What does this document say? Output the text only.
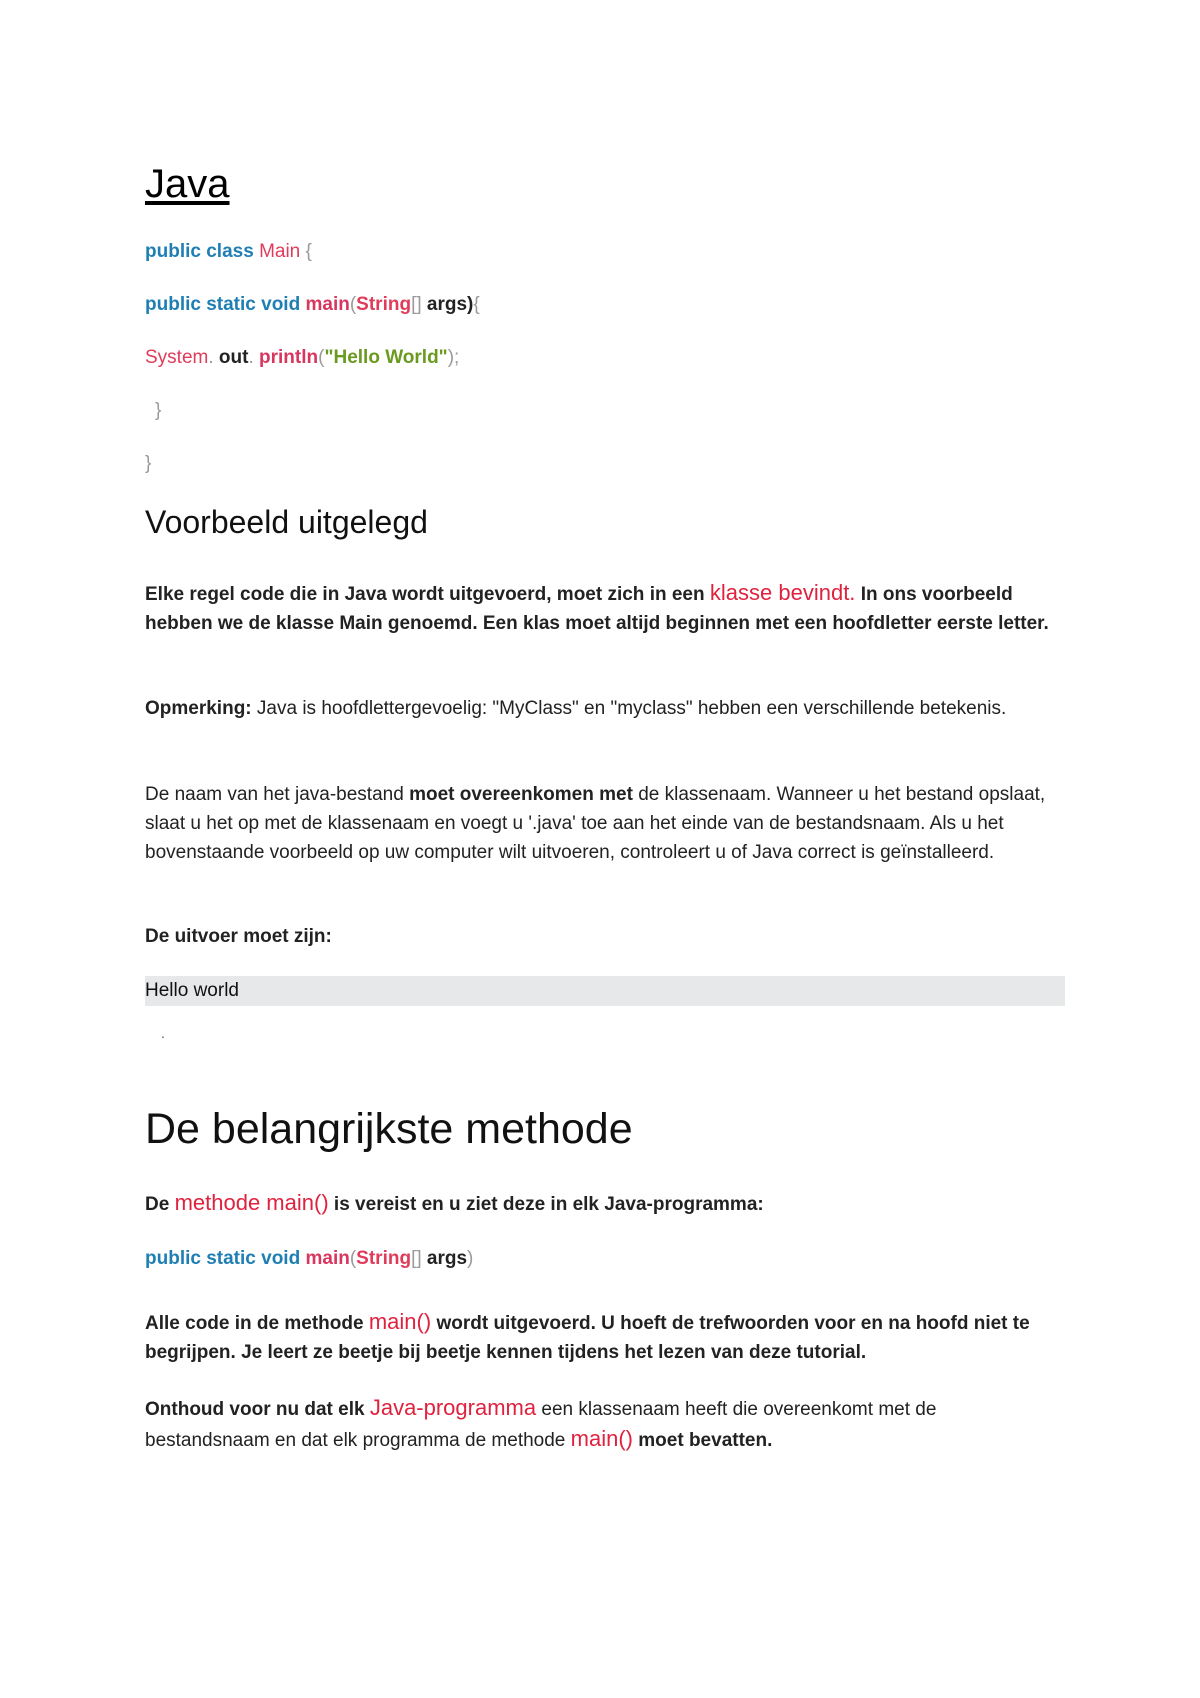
Java
public class Main {
public static void main(String[] args){
System. out. println("Hello World");
}
}
Voorbeeld uitgelegd
Elke regel code die in Java wordt uitgevoerd, moet zich in een klasse bevindt. In ons voorbeeld hebben we de klasse Main genoemd. Een klas moet altijd beginnen met een hoofdletter eerste letter.
Opmerking: Java is hoofdlettergevoelig: "MyClass" en "myclass" hebben een verschillende betekenis.
De naam van het java-bestand moet overeenkomen met de klassenaam. Wanneer u het bestand opslaat, slaat u het op met de klassenaam en voegt u '.java' toe aan het einde van de bestandsnaam. Als u het bovenstaande voorbeeld op uw computer wilt uitvoeren, controleert u of Java correct is geïnstalleerd.
De uitvoer moet zijn:
Hello world
.
De belangrijkste methode
De methode main() is vereist en u ziet deze in elk Java-programma:
public static void main(String[] args)
Alle code in de methode main() wordt uitgevoerd. U hoeft de trefwoorden voor en na hoofd niet te begrijpen. Je leert ze beetje bij beetje kennen tijdens het lezen van deze tutorial.
Onthoud voor nu dat elk Java-programma een klassenaam heeft die overeenkomt met de bestandsnaam en dat elk programma de methode main() moet bevatten.
